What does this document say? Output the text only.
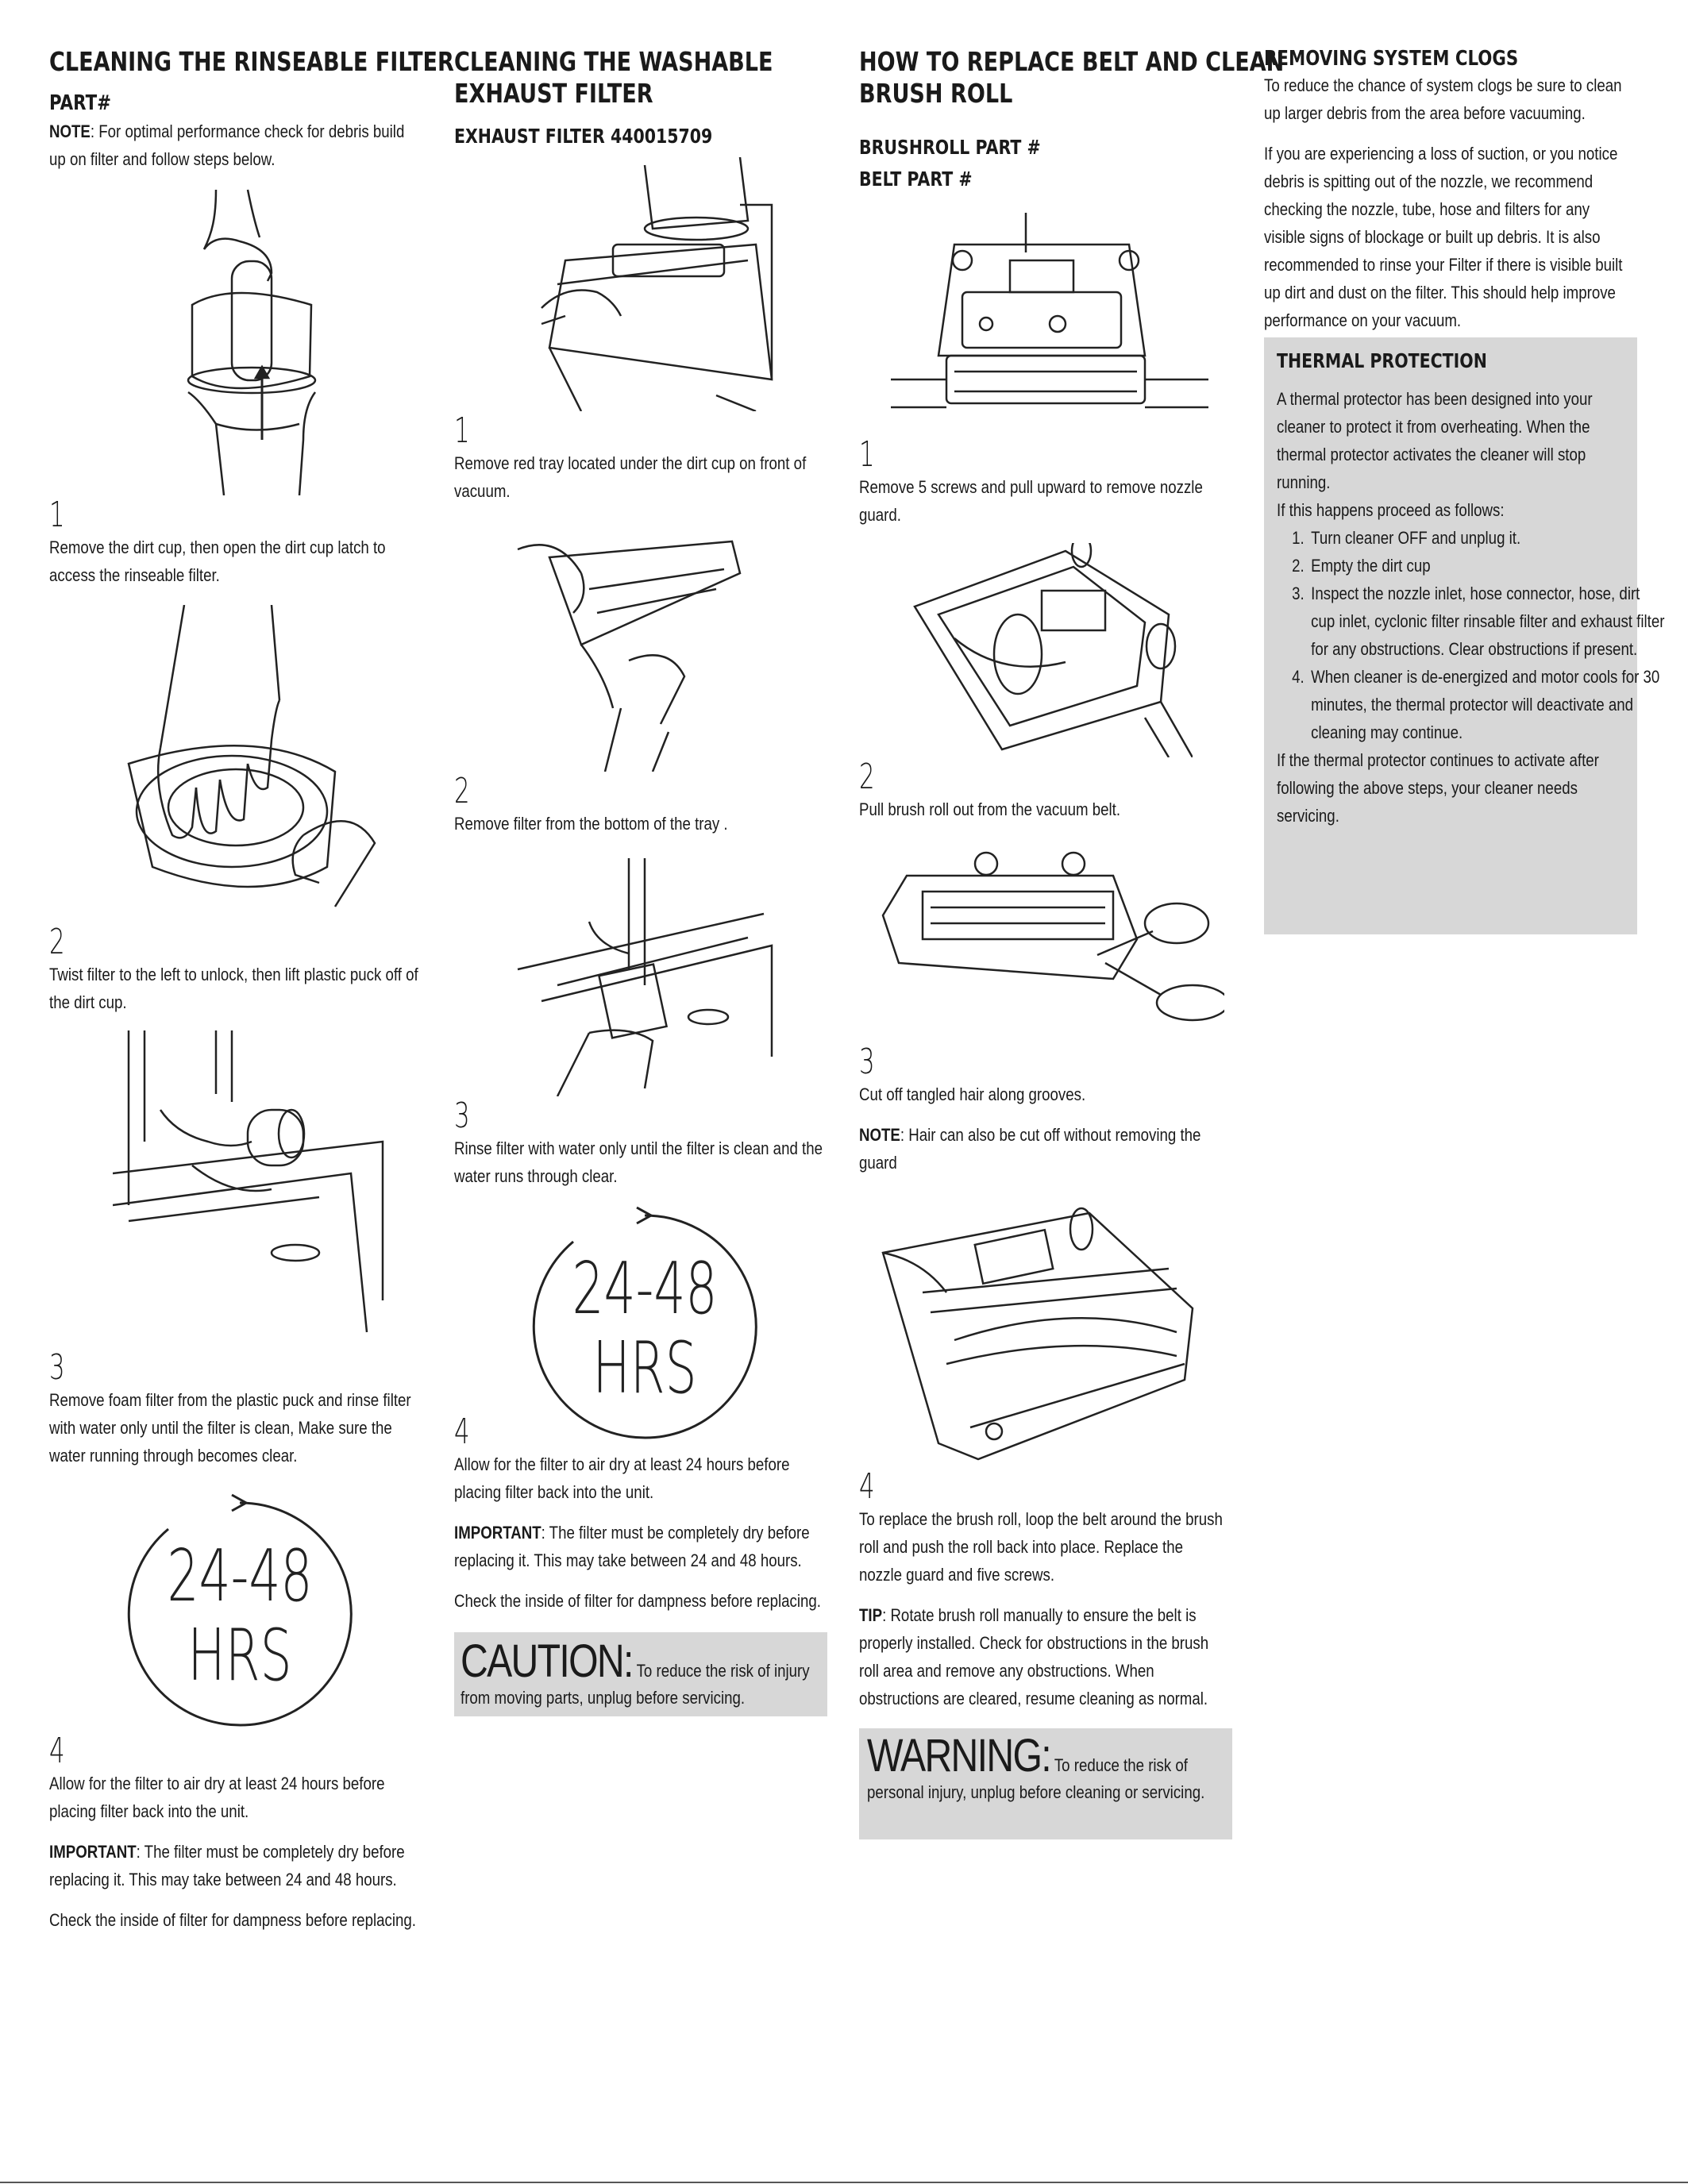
CLEANING THE RINSEABLE FILTER
PART#

NOTE: For optimal performance check for debris build up on filter and follow steps below.

1

Remove the dirt cup, then open the dirt cup latch to access the rinseable filter.

2

Twist filter to the left to unlock, then lift plastic puck off of the dirt cup.

3

Remove foam filter from the plastic puck and rinse filter with water only until the filter is clean, Make sure the water running through becomes clear.

24-48
HRS
4

Allow for the filter to air dry at least 24 hours before placing filter back into the unit.

IMPORTANT: The filter must be completely dry before replacing it. This may take between 24 and 48 hours.

Check the inside of filter for dampness before replacing.

CLEANING THE WASHABLE
EXHAUST FILTER
EXHAUST FILTER 440015709
1

Remove red tray located under the dirt cup on front of vacuum.

2

Remove filter from the bottom of the tray .

3

Rinse filter with water only until the filter is clean and the water runs through clear.

24-48
HRS
4

Allow for the filter to air dry at least 24 hours before placing filter back into the unit.

IMPORTANT: The filter must be completely dry before replacing it. This may take between 24 and 48 hours.

Check the inside of filter for dampness before replacing.

CAUTION: To reduce the risk of injury from moving parts, unplug before servicing.
HOW TO REPLACE BELT AND CLEAN
BRUSH ROLL
BRUSHROLL PART #
BELT PART #
1

Remove 5 screws and pull upward to remove nozzle guard.

2

Pull brush roll out from the vacuum belt.

3

Cut off tangled hair along grooves.

NOTE: Hair can also be cut off without removing the guard

4

To replace the brush roll, loop the belt around the brush roll and push the roll back into place. Replace the nozzle guard and five screws.

TIP: Rotate brush roll manually to ensure the belt is properly installed. Check for obstructions in the brush roll area and remove any obstructions. When obstructions are cleared, resume cleaning as normal.

WARNING: To reduce the risk of personal injury, unplug before cleaning or servicing.
REMOVING SYSTEM CLOGS

To reduce the chance of system clogs be sure to clean up larger debris from the area before vacuuming.

If you are experiencing a loss of suction, or you notice debris is spitting out of the nozzle, we recommend checking the nozzle, tube, hose and filters for any visible signs of blockage or built up debris. It is also recommended to rinse your Filter if there is visible built up dirt and dust on the filter. This should help improve performance on your vacuum.

THERMAL PROTECTION

A thermal protector has been designed into your cleaner to protect it from overheating. When the thermal protector activates the cleaner will stop running.

If this happens proceed as follows:

1. Turn cleaner OFF and unplug it.
2. Empty the dirt cup
3. Inspect the nozzle inlet, hose connector, hose, dirt cup inlet, cyclonic filter rinsable filter and exhaust filter for any obstructions. Clear obstructions if present.
4. When cleaner is de-energized and motor cools for 30 minutes, the thermal protector will deactivate and cleaning may continue.

If the thermal protector continues to activate after following the above steps, your cleaner needs servicing.
